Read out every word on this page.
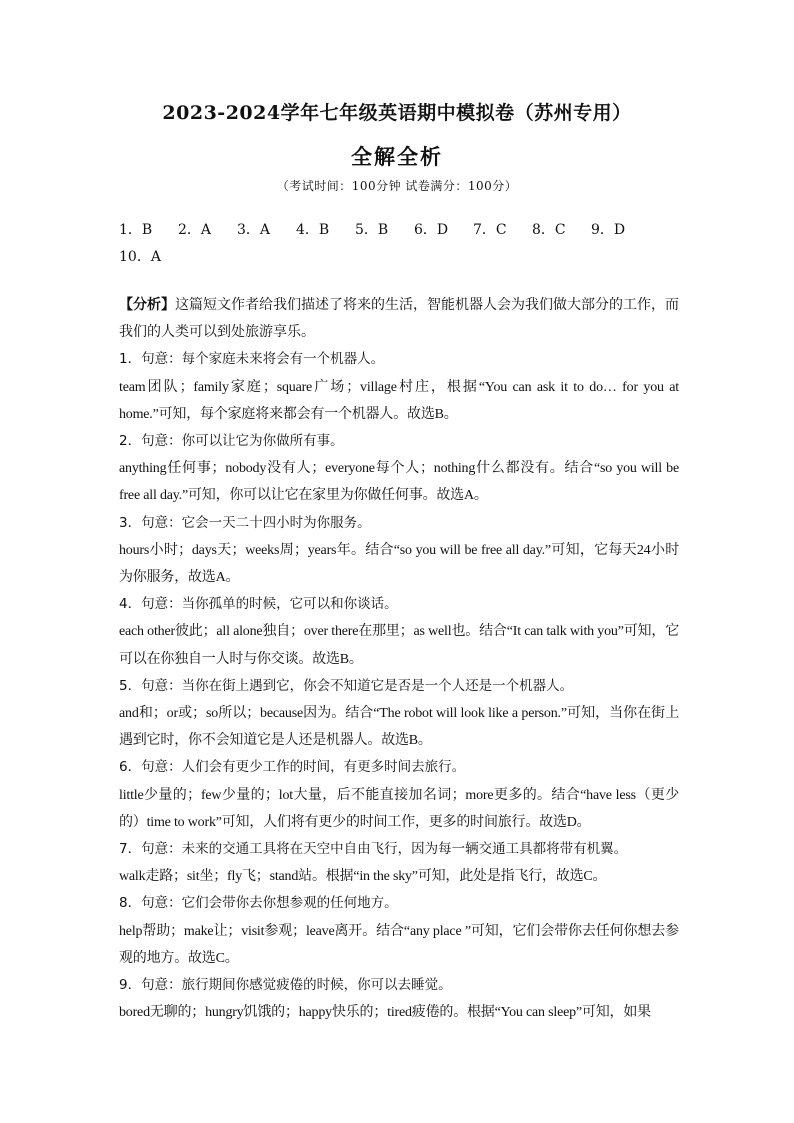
2023-2024学年七年级英语期中模拟卷（苏州专用）
全解全析
（考试时间：100分钟 试卷满分：100分）
1．B	2．A	3．A	4．B	5．B	6．D	7．C	8．C	9．D
10．A

【分析】这篇短文作者给我们描述了将来的生活，智能机器人会为我们做大部分的工作，而我们的人类可以到处旅游享乐。

1．句意：每个家庭未来将会有一个机器人。

team团队；family家庭；square广场；village村庄，根据“You can ask it to do… for you at home.”可知，每个家庭将来都会有一个机器人。故选B。

2．句意：你可以让它为你做所有事。

anything任何事；nobody没有人；everyone每个人；nothing什么都没有。结合“so you will be free all day.”可知，你可以让它在家里为你做任何事。故选A。

3．句意：它会一天二十四小时为你服务。

hours小时；days天；weeks周；years年。结合“so you will be free all day.”可知，它每天24小时为你服务，故选A。

4．句意：当你孤单的时候，它可以和你谈话。

each other彼此；all alone独自；over there在那里；as well也。结合“It can talk with you”可知，它可以在你独自一人时与你交谈。故选B。

5．句意：当你在街上遇到它，你会不知道它是否是一个人还是一个机器人。

and和；or或；so所以；because因为。结合“The robot will look like a person.”可知，当你在街上遇到它时，你不会知道它是人还是机器人。故选B。

6．句意：人们会有更少工作的时间，有更多时间去旅行。

little少量的；few少量的；lot大量，后不能直接加名词；more更多的。结合“have less（更少的）time to work”可知，人们将有更少的时间工作，更多的时间旅行。故选D。

7．句意：未来的交通工具将在天空中自由飞行，因为每一辆交通工具都将带有机翼。

walk走路；sit坐；fly飞；stand站。根据“in the sky”可知，此处是指飞行，故选C。

8．句意：它们会带你去你想参观的任何地方。

help帮助；make让；visit参观；leave离开。结合“any place ”可知，它们会带你去任何你想去参观的地方。故选C。

9．句意：旅行期间你感觉疲倦的时候，你可以去睡觉。

bored无聊的；hungry饥饿的；happy快乐的；tired疲倦的。根据“You can sleep”可知，如果
